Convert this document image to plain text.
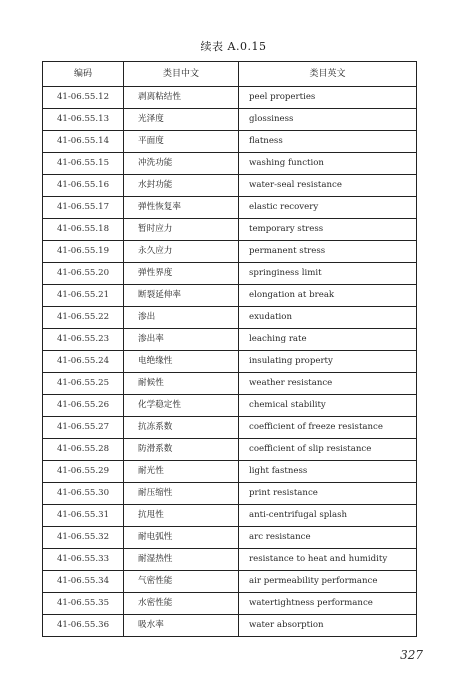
续表 A.0.15
编码	类目中文	类目英文
41-06.55.12	剥离粘结性	peel properties
41-06.55.13	光泽度	glossiness
41-06.55.14	平面度	flatness
41-06.55.15	冲洗功能	washing function
41-06.55.16	水封功能	water-seal resistance
41-06.55.17	弹性恢复率	elastic recovery
41-06.55.18	暂时应力	temporary stress
41-06.55.19	永久应力	permanent stress
41-06.55.20	弹性界度	springiness limit
41-06.55.21	断裂延伸率	elongation at break
41-06.55.22	渗出	exudation
41-06.55.23	渗出率	leaching rate
41-06.55.24	电绝缘性	insulating property
41-06.55.25	耐候性	weather resistance
41-06.55.26	化学稳定性	chemical stability
41-06.55.27	抗冻系数	coefficient of freeze resistance
41-06.55.28	防滑系数	coefficient of slip resistance
41-06.55.29	耐光性	light fastness
41-06.55.30	耐压缩性	print resistance
41-06.55.31	抗甩性	anti-centrifugal splash
41-06.55.32	耐电弧性	arc resistance
41-06.55.33	耐湿热性	resistance to heat and humidity
41-06.55.34	气密性能	air permeability performance
41-06.55.35	水密性能	watertightness performance
41-06.55.36	吸水率	water absorption
327
